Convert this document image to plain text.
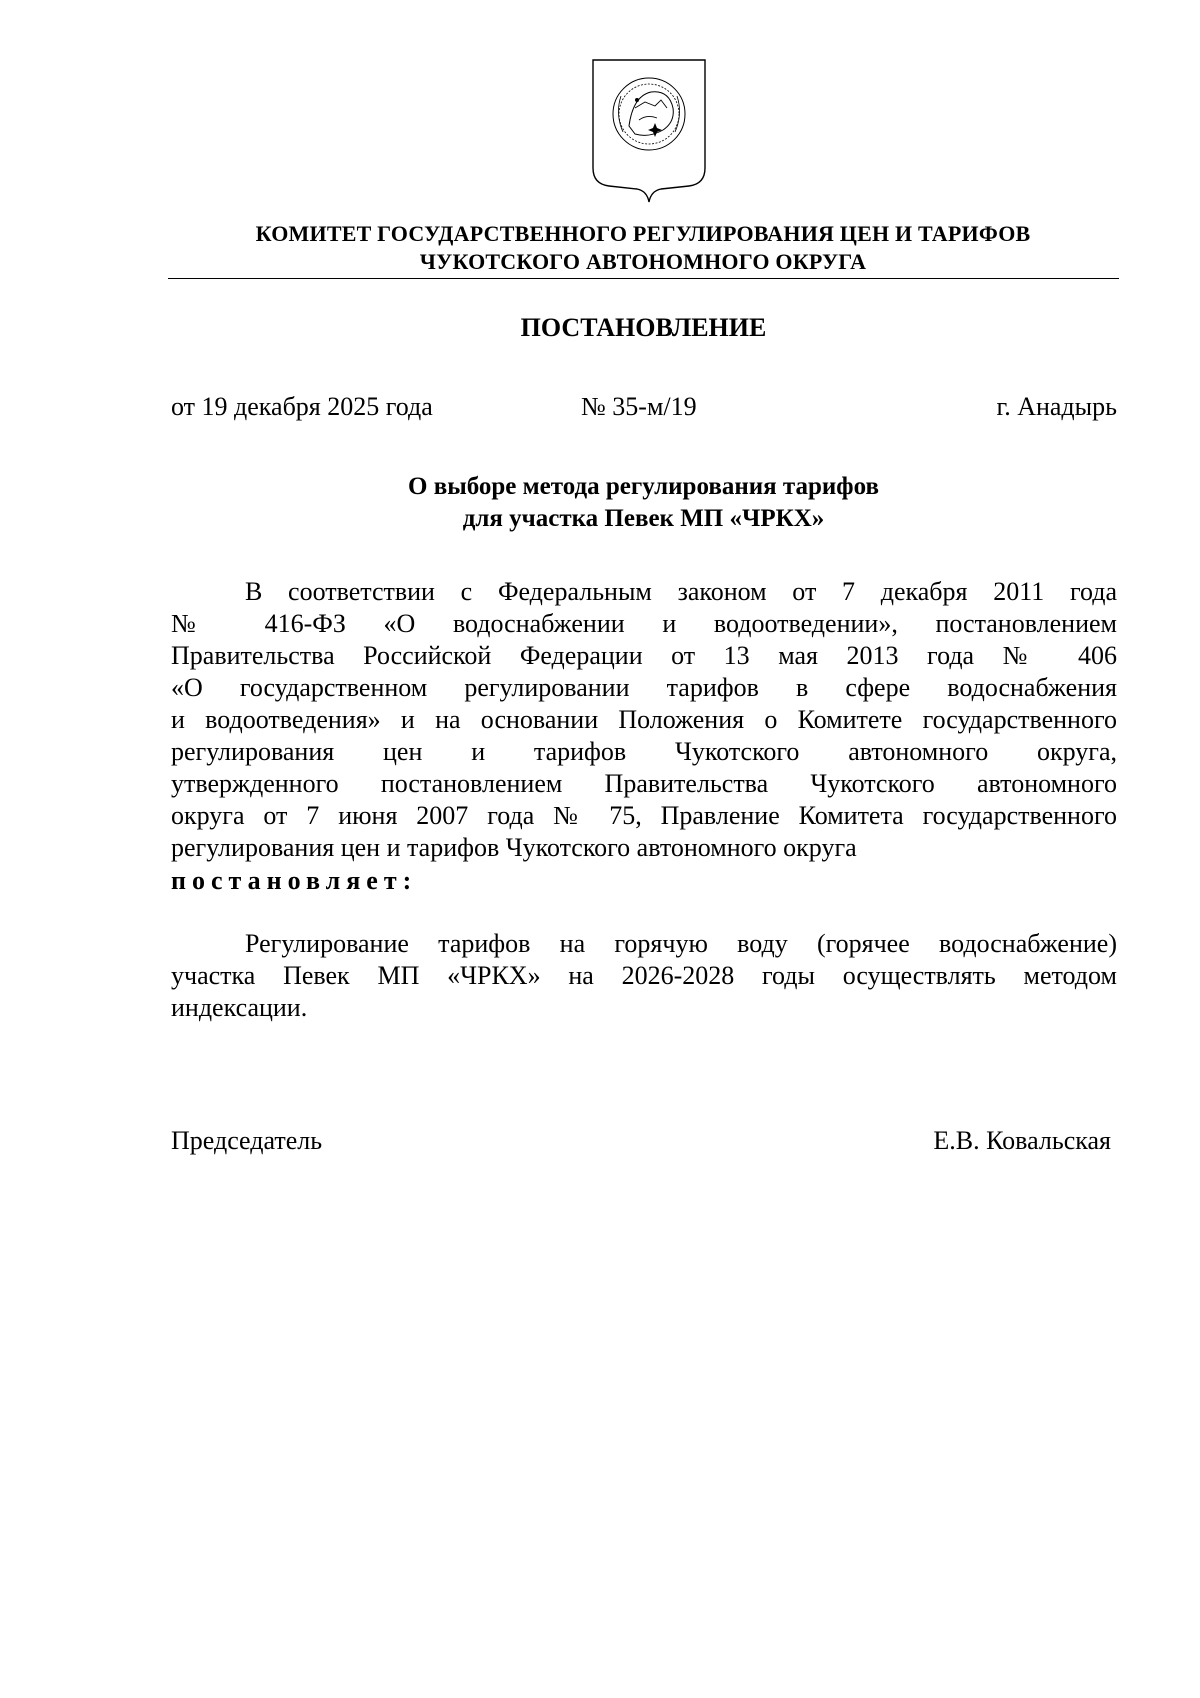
КОМИТЕТ ГОСУДАРСТВЕННОГО РЕГУЛИРОВАНИЯ ЦЕН И ТАРИФОВ
ЧУКОТСКОГО АВТОНОМНОГО ОКРУГА
ПОСТАНОВЛЕНИЕ
от 19 декабря 2025 года	№ 35-м/19	г. Анадырь
О выборе метода регулирования тарифов
для участка Певек МП «ЧРКХ»
В соответствии с Федеральным законом от 7 декабря 2011 года
№ 416-ФЗ «О водоснабжении и водоотведении», постановлением
Правительства Российской Федерации от 13 мая 2013 года № 406
«О государственном регулировании тарифов в сфере водоснабжения
и водоотведения» и на основании Положения о Комитете государственного
регулирования цен и тарифов Чукотского автономного округа,
утвержденного постановлением Правительства Чукотского автономного
округа от 7 июня 2007 года № 75, Правление Комитета государственного
регулирования цен и тарифов Чукотского автономного округа
постановляет:
Регулирование тарифов на горячую воду (горячее водоснабжение)
участка Певек МП «ЧРКХ» на 2026-2028 годы осуществлять методом
индексации.
Председатель	Е.В. Ковальская
